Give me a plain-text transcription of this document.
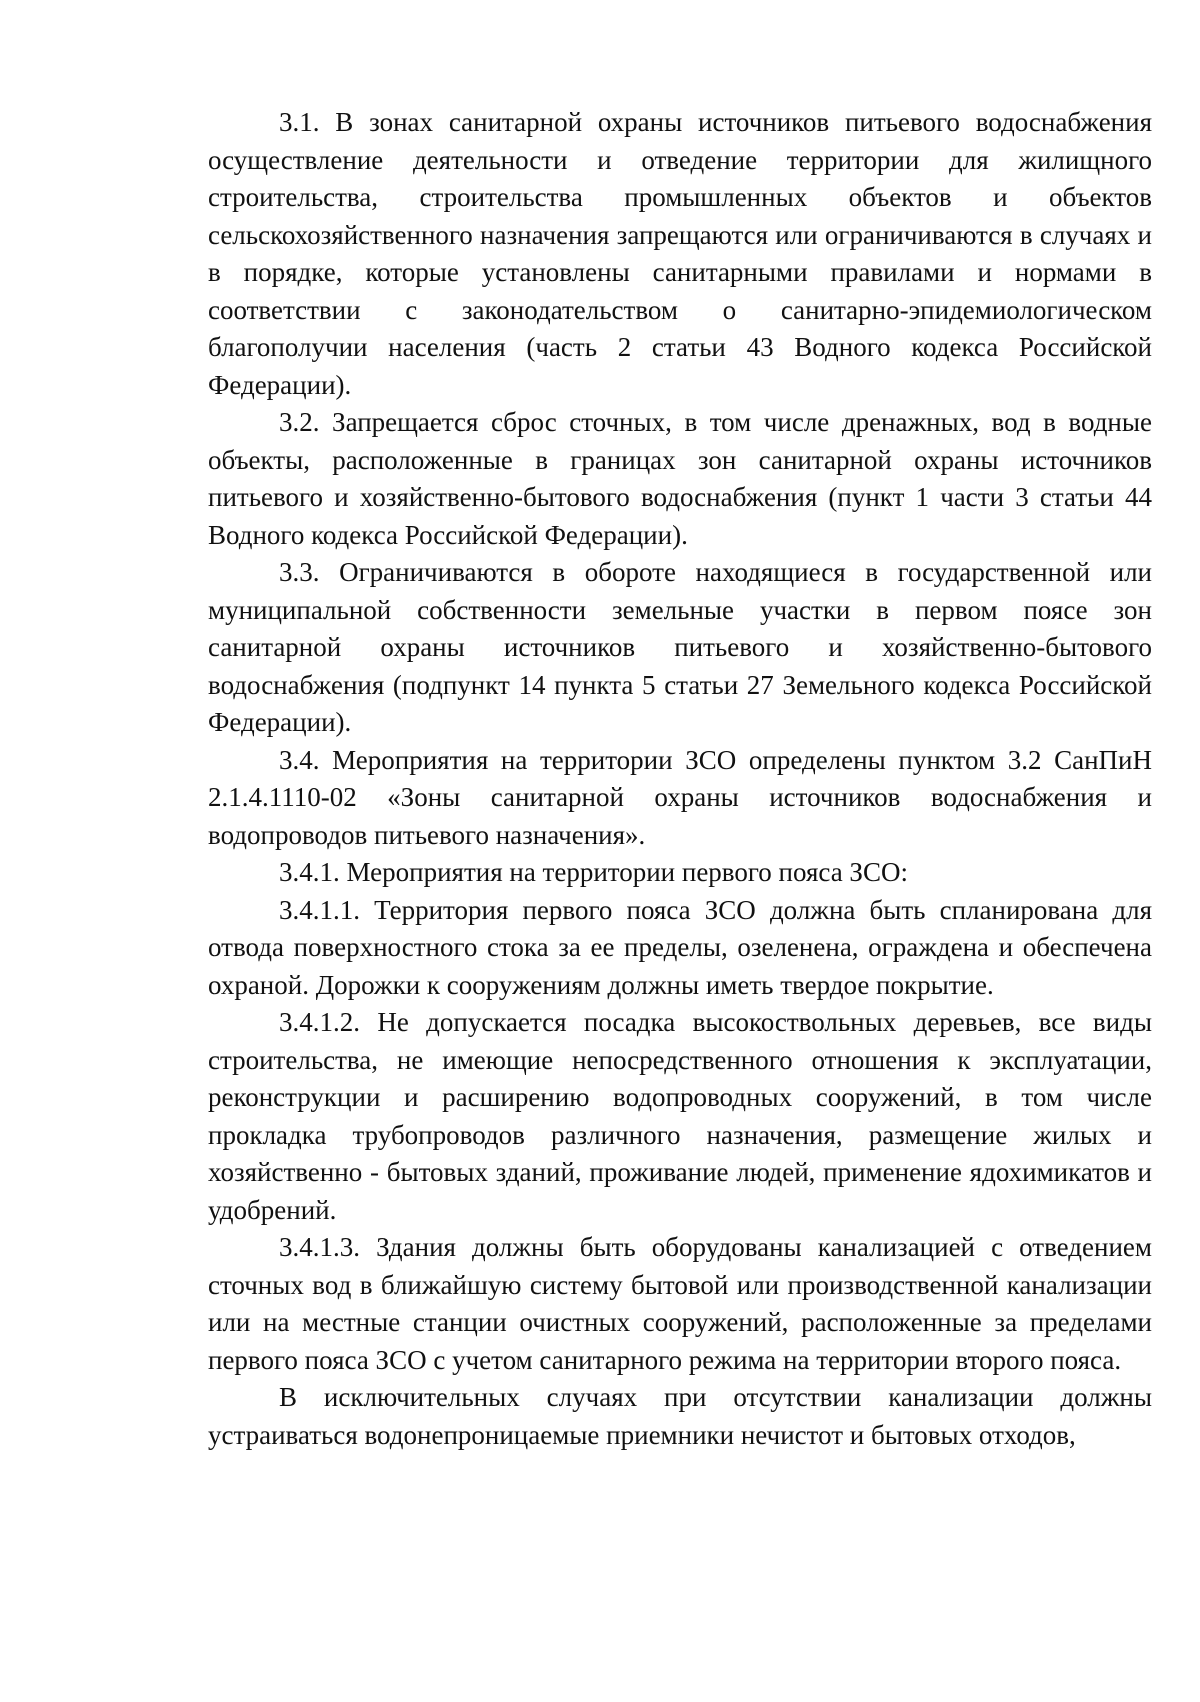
3.1. В зонах санитарной охраны источников питьевого водоснабжения осуществление деятельности и отведение территории для жилищного строительства, строительства промышленных объектов и объектов сельскохозяйственного назначения запрещаются или ограничиваются в случаях и в порядке, которые установлены санитарными правилами и нормами в соответствии с законодательством о санитарно-эпидемиологическом благополучии населения (часть 2 статьи 43 Водного кодекса Российской Федерации).

3.2. Запрещается сброс сточных, в том числе дренажных, вод в водные объекты, расположенные в границах зон санитарной охраны источников питьевого и хозяйственно-бытового водоснабжения (пункт 1 части 3 статьи 44 Водного кодекса Российской Федерации).

3.3. Ограничиваются в обороте находящиеся в государственной или муниципальной собственности земельные участки в первом поясе зон санитарной охраны источников питьевого и хозяйственно-бытового водоснабжения (подпункт 14 пункта 5 статьи 27 Земельного кодекса Российской Федерации).

3.4. Мероприятия на территории ЗСО определены пунктом 3.2 СанПиН 2.1.4.1110-02 «Зоны санитарной охраны источников водоснабжения и водопроводов питьевого назначения».

3.4.1. Мероприятия на территории первого пояса ЗСО:

3.4.1.1. Территория первого пояса ЗСО должна быть спланирована для отвода поверхностного стока за ее пределы, озеленена, ограждена и обеспечена охраной. Дорожки к сооружениям должны иметь твердое покрытие.

3.4.1.2. Не допускается посадка высокоствольных деревьев, все виды строительства, не имеющие непосредственного отношения к эксплуатации, реконструкции и расширению водопроводных сооружений, в том числе прокладка трубопроводов различного назначения, размещение жилых и хозяйственно - бытовых зданий, проживание людей, применение ядохимикатов и удобрений.

3.4.1.3. Здания должны быть оборудованы канализацией с отведением сточных вод в ближайшую систему бытовой или производственной канализации или на местные станции очистных сооружений, расположенные за пределами первого пояса ЗСО с учетом санитарного режима на территории второго пояса.

В исключительных случаях при отсутствии канализации должны устраиваться водонепроницаемые приемники нечистот и бытовых отходов,
